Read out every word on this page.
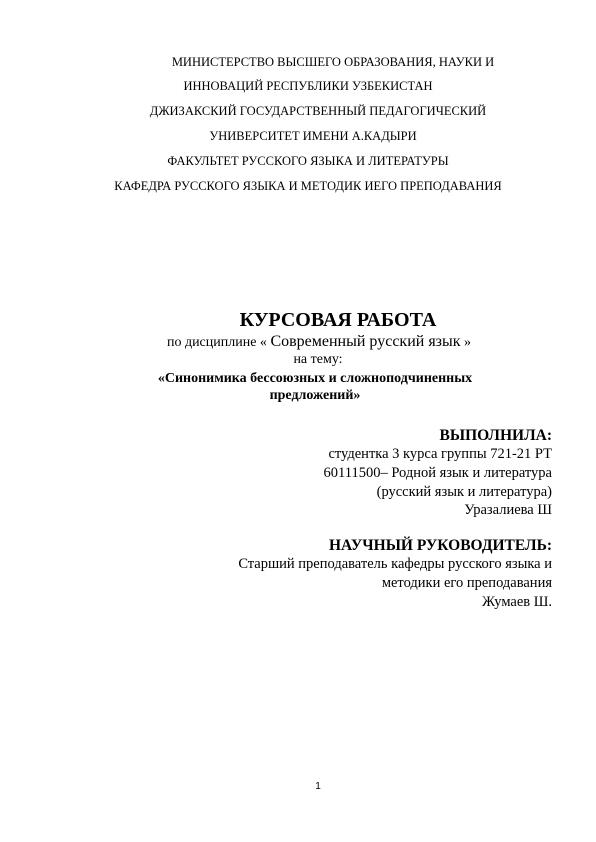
МИНИСТЕРСТВО ВЫСШЕГО ОБРАЗОВАНИЯ, НАУКИ И
ИННОВАЦИЙ РЕСПУБЛИКИ УЗБЕКИСТАН
ДЖИЗАКСКИЙ ГОСУДАРСТВЕННЫЙ ПЕДАГОГИЧЕСКИЙ
УНИВЕРСИТЕТ ИМЕНИ А.КАДЫРИ
ФАКУЛЬТЕТ РУССКОГО ЯЗЫКА И ЛИТЕРАТУРЫ
КАФЕДРА РУССКОГО ЯЗЫКА И МЕТОДИК ИЕГО ПРЕПОДАВАНИЯ
КУРСОВАЯ РАБОТА
по дисциплине « Современный русский язык »
на тему:
«Синонимика бессоюзных и сложноподчиненных
предложений»
ВЫПОЛНИЛА:
студентка 3 курса группы 721-21 РТ
60111500– Родной язык и литература
(русский язык и литература)
Уразалиева Ш
НАУЧНЫЙ РУКОВОДИТЕЛЬ:
Старший преподаватель кафедры русского языка и
методики его преподавания
Жумаев Ш.
1
